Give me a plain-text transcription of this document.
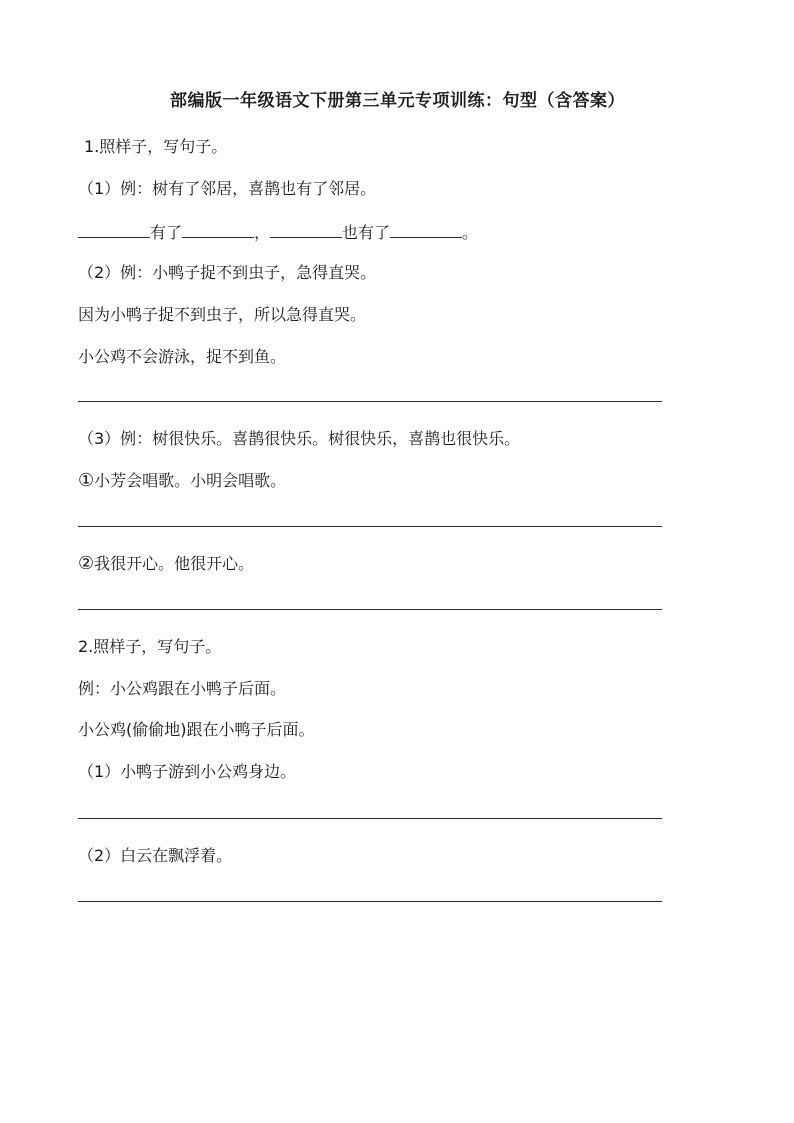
部编版一年级语文下册第三单元专项训练：句型（含答案）
1.照样子，写句子。
（1）例：树有了邻居，喜鹊也有了邻居。
有了	，	也有了	。
（2）例：小鸭子捉不到虫子，急得直哭。
因为小鸭子捉不到虫子，所以急得直哭。
小公鸡不会游泳，捉不到鱼。
（3）例：树很快乐。喜鹊很快乐。树很快乐，喜鹊也很快乐。
①小芳会唱歌。小明会唱歌。
②我很开心。他很开心。
2.照样子，写句子。
例：小公鸡跟在小鸭子后面。
小公鸡(偷偷地)跟在小鸭子后面。
（1）小鸭子游到小公鸡身边。
（2）白云在飘浮着。
